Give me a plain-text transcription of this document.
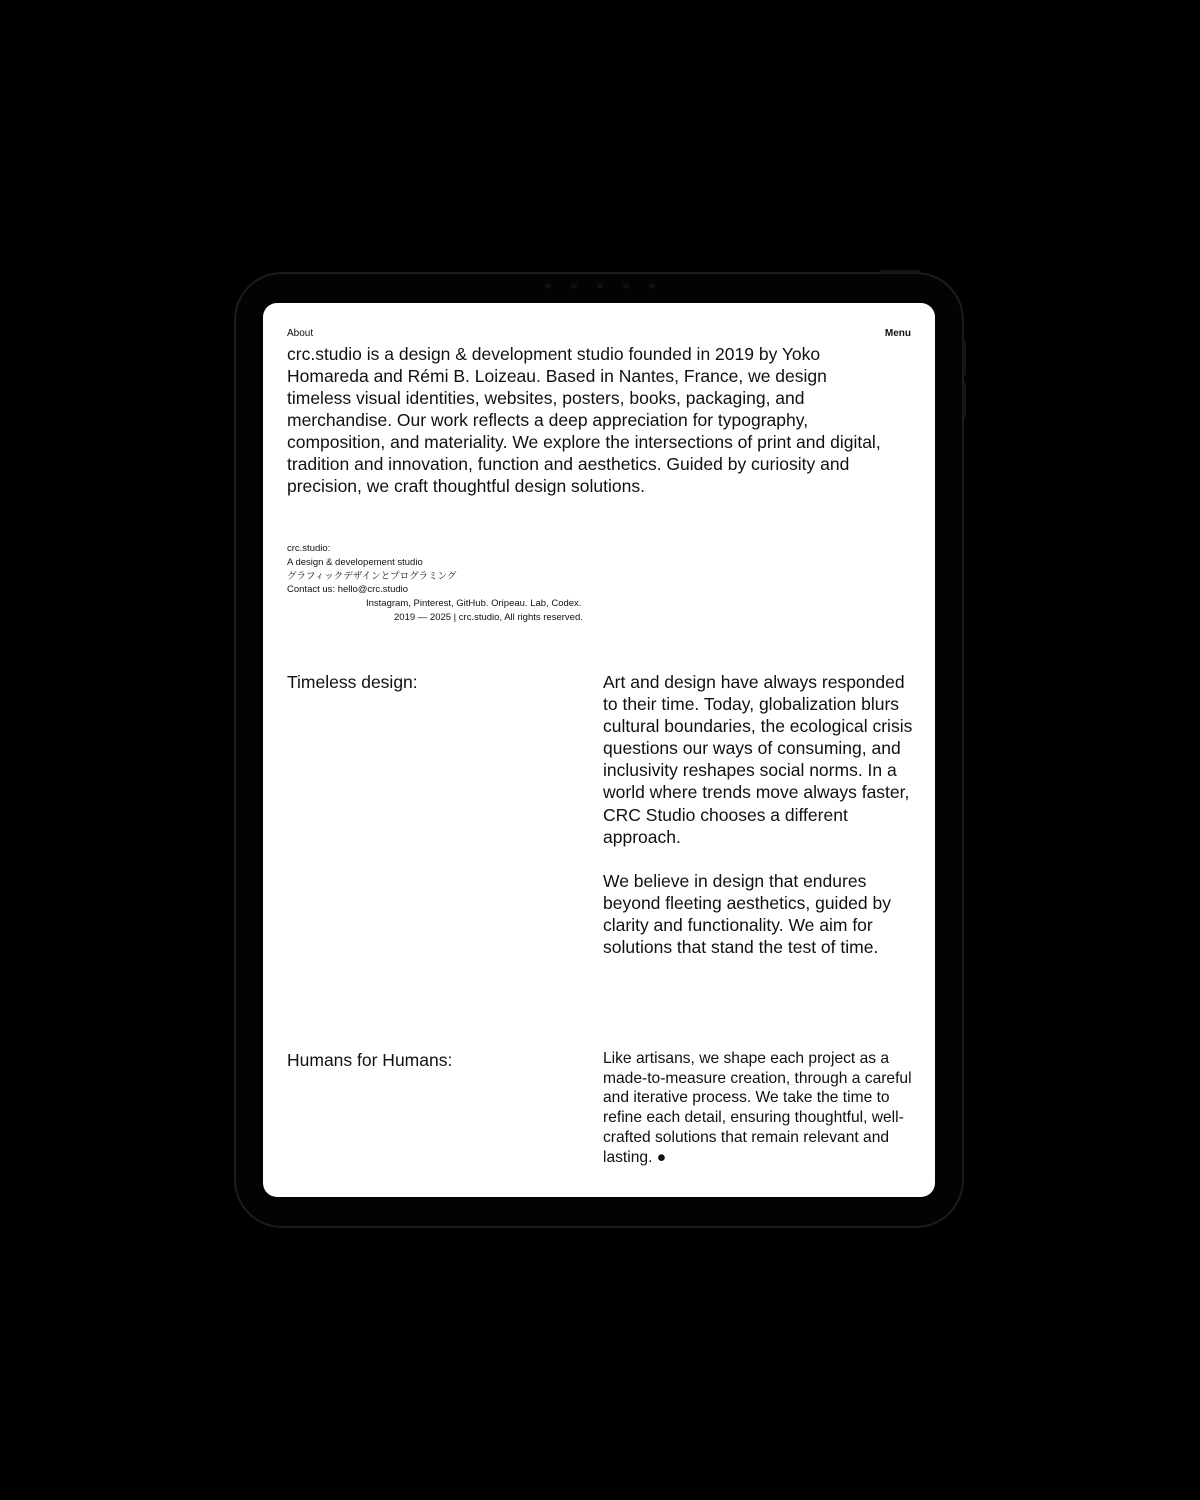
About	Menu
crc.studio is a design & development studio founded in 2019 by Yoko Homareda and Rémi B. Loizeau. Based in Nantes, France, we design timeless visual identities, websites, posters, books, packaging, and merchandise. Our work reflects a deep appreciation for typography, composition, and materiality. We explore the intersections of print and digital, tradition and innovation, function and aesthetics. Guided by curiosity and precision, we craft thoughtful design solutions.
crc.studio:
A design & developement studio
グラフィックデザインとプログラミング
Contact us: hello@crc.studio
Instagram, Pinterest, GitHub. Oripeau. Lab, Codex.
2019 — 2025 | crc.studio, All rights reserved.
Timeless design:	Art and design have always responded to their time. Today, globalization blurs cultural boundaries, the ecological crisis questions our ways of consuming, and inclusivity reshapes social norms. In a world where trends move always faster, CRC Studio chooses a different approach.

We believe in design that endures beyond fleeting aesthetics, guided by clarity and functionality. We aim for solutions that stand the test of time.

Humans for Humans:	Like artisans, we shape each project as a made-to-measure creation, through a careful and iterative process. We take the time to refine each detail, ensuring thoughtful, well-crafted solutions that remain relevant and lasting. ●
